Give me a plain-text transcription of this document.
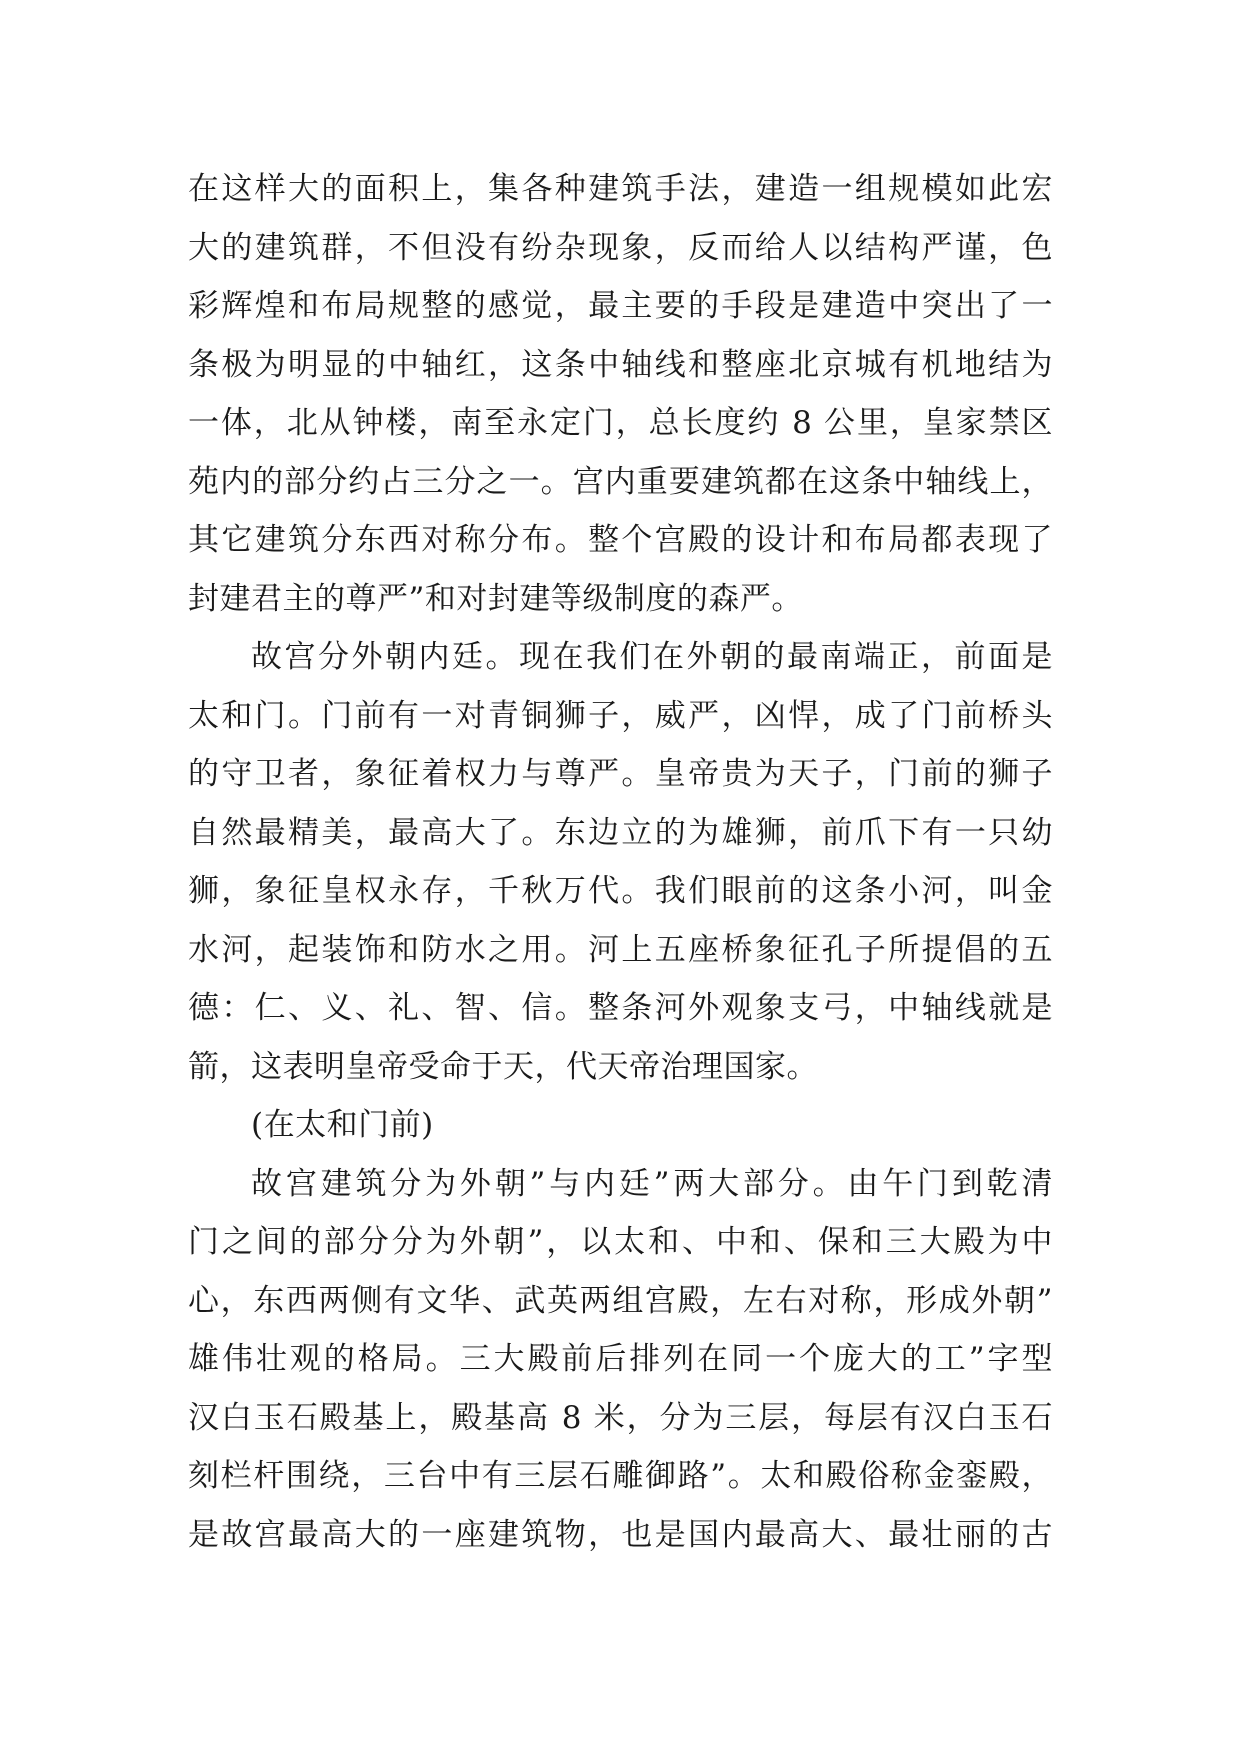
在这样大的面积上，集各种建筑手法，建造一组规模如此宏
大的建筑群，不但没有纷杂现象，反而给人以结构严谨，色
彩辉煌和布局规整的感觉，最主要的手段是建造中突出了一
条极为明显的中轴红，这条中轴线和整座北京城有机地结为
一体，北从钟楼，南至永定门，总长度约 8 公里，皇家禁区
苑内的部分约占三分之一。宫内重要建筑都在这条中轴线上，
其它建筑分东西对称分布。整个宫殿的设计和布局都表现了
封建君主的尊严”和对封建等级制度的森严。
故宫分外朝内廷。现在我们在外朝的最南端正，前面是
太和门。门前有一对青铜狮子，威严，凶悍，成了门前桥头
的守卫者，象征着权力与尊严。皇帝贵为天子，门前的狮子
自然最精美，最高大了。东边立的为雄狮，前爪下有一只幼
狮，象征皇权永存，千秋万代。我们眼前的这条小河，叫金
水河，起装饰和防水之用。河上五座桥象征孔子所提倡的五
德：仁、义、礼、智、信。整条河外观象支弓，中轴线就是
箭，这表明皇帝受命于天，代天帝治理国家。
(在太和门前)
故宫建筑分为外朝”与内廷”两大部分。由午门到乾清
门之间的部分分为外朝”，以太和、中和、保和三大殿为中
心，东西两侧有文华、武英两组宫殿，左右对称，形成外朝”
雄伟壮观的格局。三大殿前后排列在同一个庞大的工”字型
汉白玉石殿基上，殿基高 8 米，分为三层，每层有汉白玉石
刻栏杆围绕，三台中有三层石雕御路”。太和殿俗称金銮殿，
是故宫最高大的一座建筑物，也是国内最高大、最壮丽的古
